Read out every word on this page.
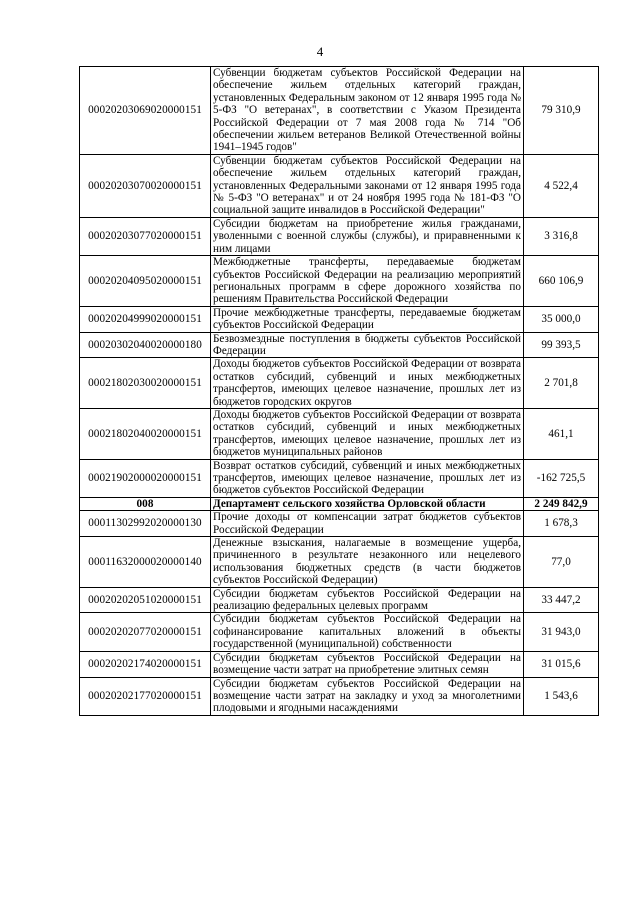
4
00020203069020000151	Субвенции бюджетам субъектов Российской Федерации на обеспечение жильем отдельных категорий граждан, установленных Федеральным законом от 12 января 1995 года № 5-ФЗ "О ветеранах", в соответствии с Указом Президента Российской Федерации от 7 мая 2008 года № 714 "Об обеспечении жильем ветеранов Великой Отечественной войны 1941–1945 годов"	79 310,9
00020203070020000151	Субвенции бюджетам субъектов Российской Федерации на обеспечение жильем отдельных категорий граждан, установленных Федеральными законами от 12 января 1995 года № 5-ФЗ "О ветеранах" и от 24 ноября 1995 года № 181-ФЗ "О социальной защите инвалидов в Российской Федерации"	4 522,4
00020203077020000151	Субсидии бюджетам на приобретение жилья гражданами, уволенными с военной службы (службы), и приравненными к ним лицами	3 316,8
00020204095020000151	Межбюджетные трансферты, передаваемые бюджетам субъектов Российской Федерации на реализацию мероприятий региональных программ в сфере дорожного хозяйства по решениям Правительства Российской Федерации	660 106,9
00020204999020000151	Прочие межбюджетные трансферты, передаваемые бюджетам субъектов Российской Федерации	35 000,0
00020302040020000180	Безвозмездные поступления в бюджеты субъектов Российской Федерации	99 393,5
00021802030020000151	Доходы бюджетов субъектов Российской Федерации от возврата остатков субсидий, субвенций и иных межбюджетных трансфертов, имеющих целевое назначение, прошлых лет из бюджетов городских округов	2 701,8
00021802040020000151	Доходы бюджетов субъектов Российской Федерации от возврата остатков субсидий, субвенций и иных межбюджетных трансфертов, имеющих целевое назначение, прошлых лет из бюджетов муниципальных районов	461,1
00021902000020000151	Возврат остатков субсидий, субвенций и иных межбюджетных трансфертов, имеющих целевое назначение, прошлых лет из бюджетов субъектов Российской Федерации	-162 725,5
008	Департамент сельского хозяйства Орловской области	2 249 842,9
00011302992020000130	Прочие доходы от компенсации затрат бюджетов субъектов Российской Федерации	1 678,3
00011632000020000140	Денежные взыскания, налагаемые в возмещение ущерба, причиненного в результате незаконного или нецелевого использования бюджетных средств (в части бюджетов субъектов Российской Федерации)	77,0
00020202051020000151	Субсидии бюджетам субъектов Российской Федерации на реализацию федеральных целевых программ	33 447,2
00020202077020000151	Субсидии бюджетам субъектов Российской Федерации на софинансирование капитальных вложений в объекты государственной (муниципальной) собственности	31 943,0
00020202174020000151	Субсидии бюджетам субъектов Российской Федерации на возмещение части затрат на приобретение элитных семян	31 015,6
00020202177020000151	Субсидии бюджетам субъектов Российской Федерации на возмещение части затрат на закладку и уход за многолетними плодовыми и ягодными насаждениями	1 543,6
